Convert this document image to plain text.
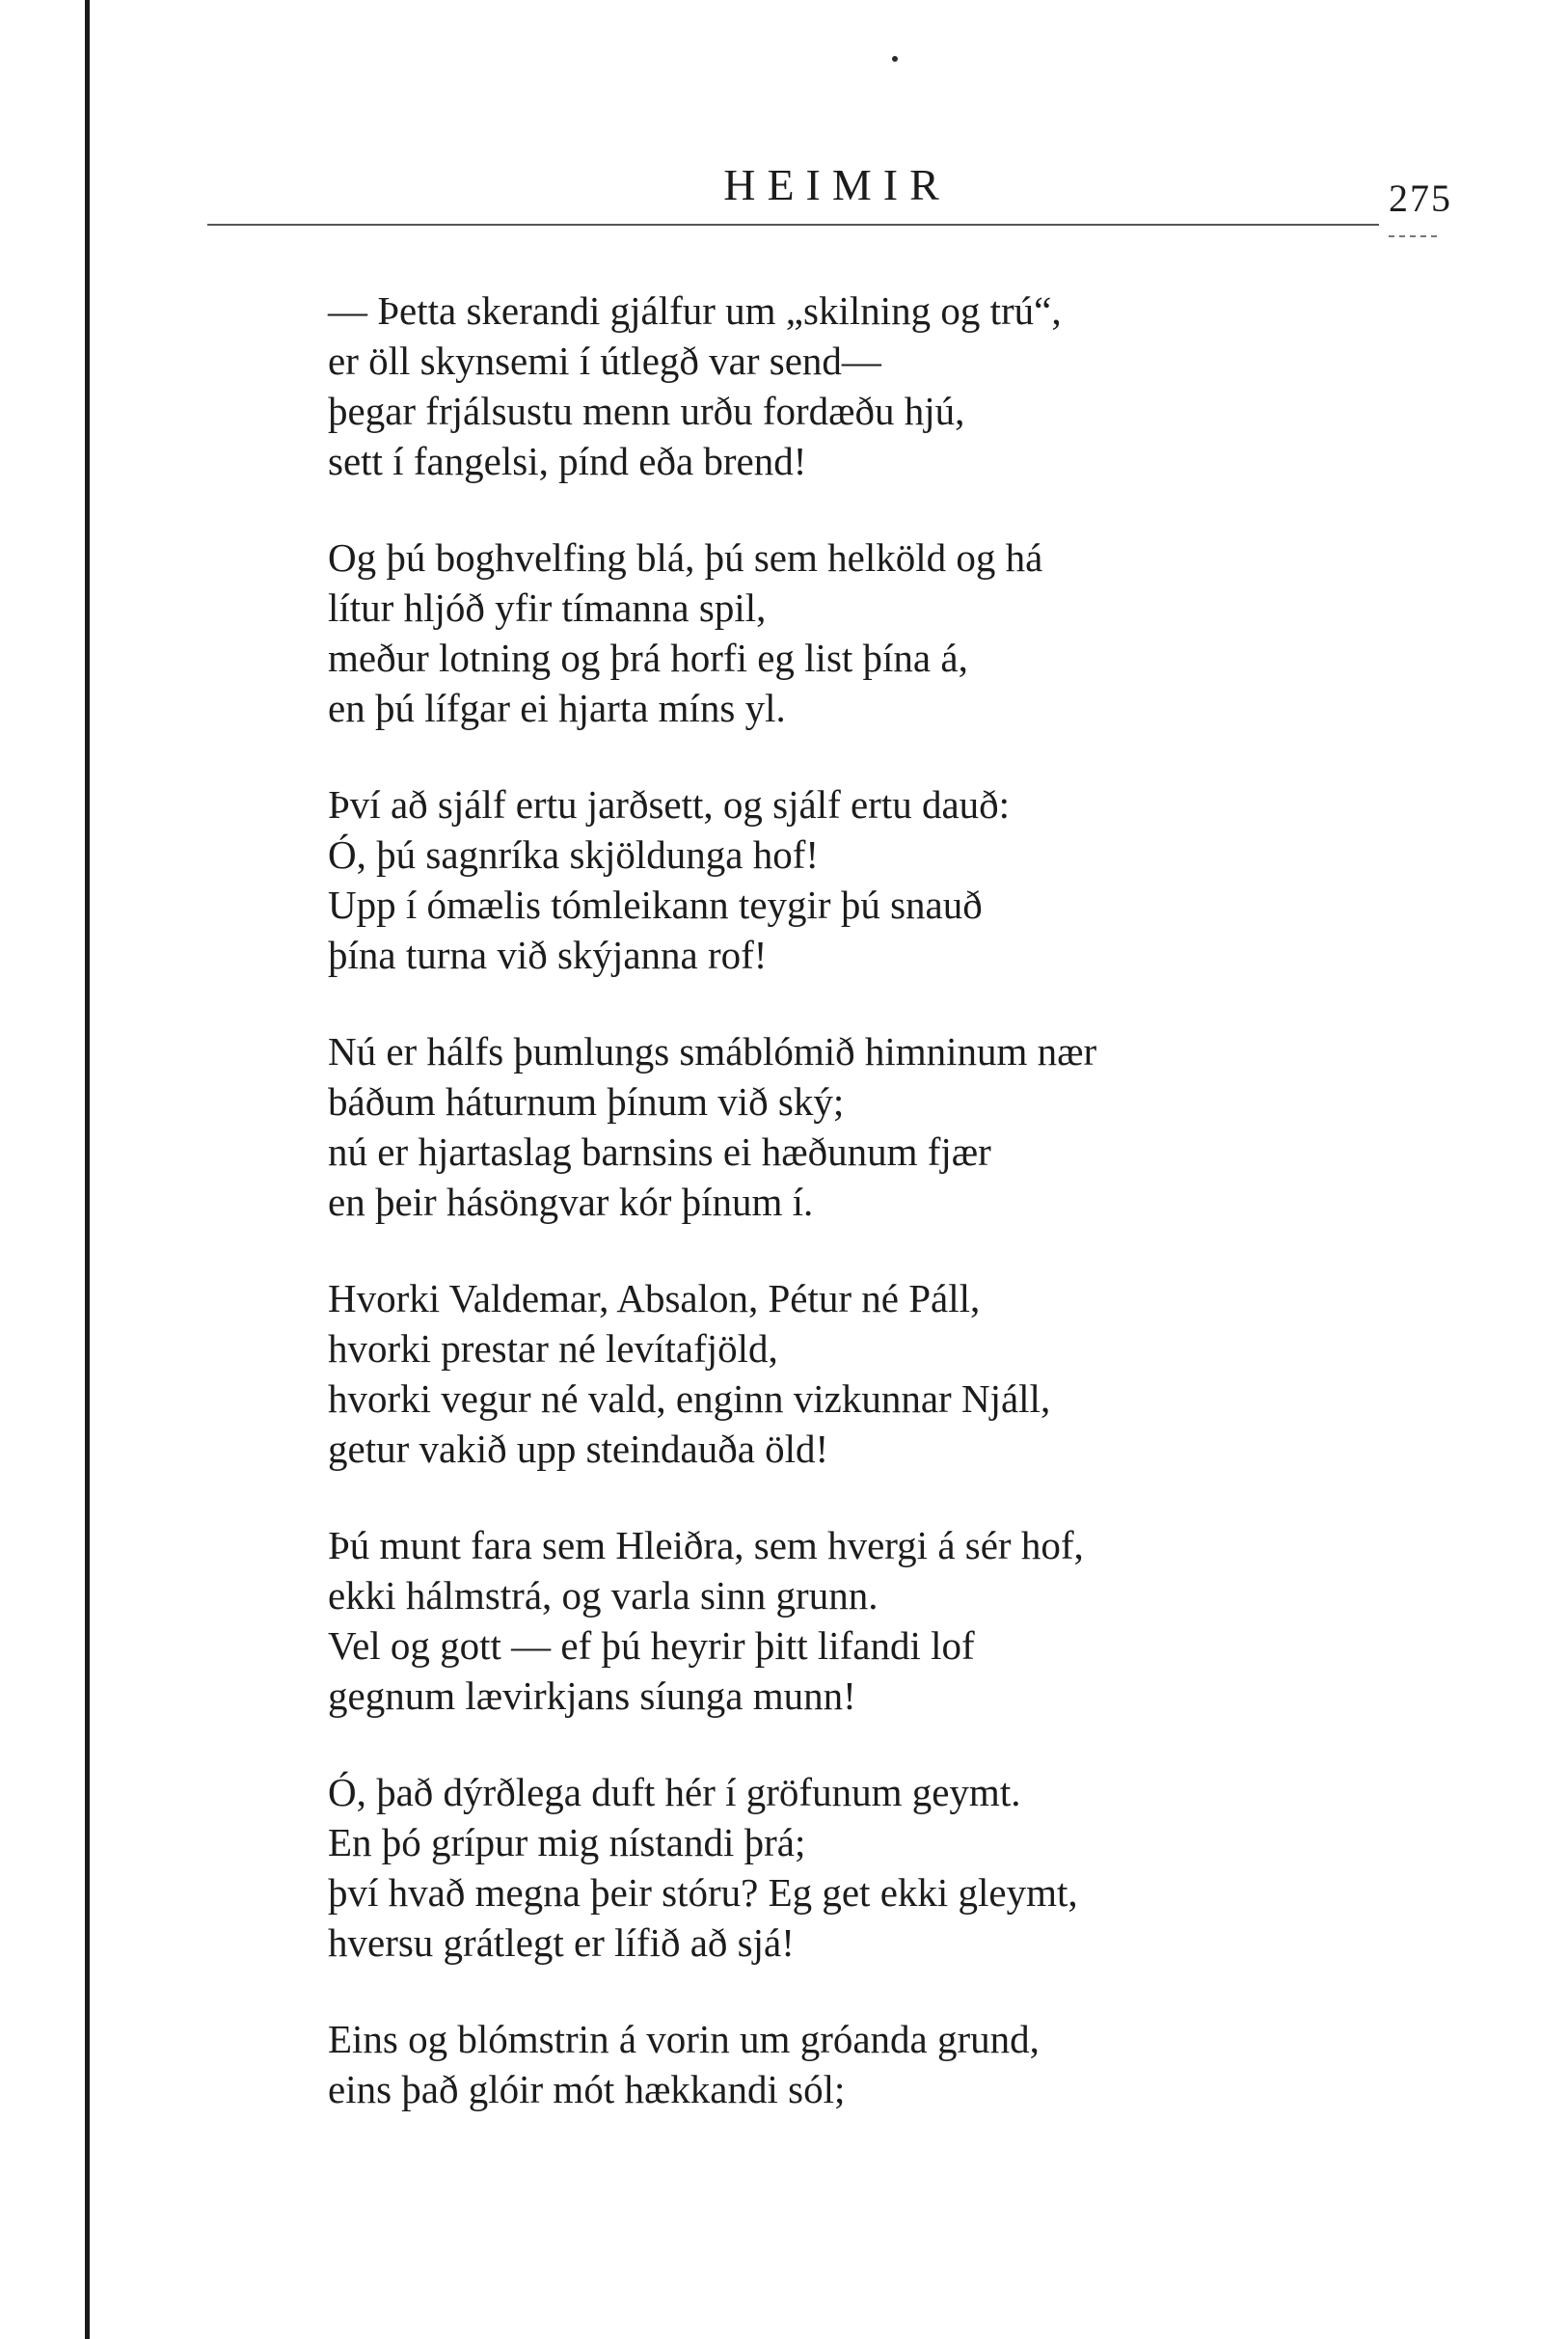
HEIMIR	275
— Þetta skerandi gjálfur um „skilning og trú“,
er öll skynsemi í útlegð var send—
þegar frjálsustu menn urðu fordæðu hjú,
sett í fangelsi, pínd eða brend!
Og þú boghvelfing blá, þú sem helköld og há
lítur hljóð yfir tímanna spil,
meður lotning og þrá horfi eg list þína á,
en þú lífgar ei hjarta míns yl.
Því að sjálf ertu jarðsett, og sjálf ertu dauð:
Ó, þú sagnríka skjöldunga hof!
Upp í ómælis tómleikann teygir þú snauð
þína turna við skýjanna rof!
Nú er hálfs þumlungs smáblómið himninum nær
báðum háturnum þínum við ský;
nú er hjartaslag barnsins ei hæðunum fjær
en þeir hásöngvar kór þínum í.
Hvorki Valdemar, Absalon, Pétur né Páll,
hvorki prestar né levítafjöld,
hvorki vegur né vald, enginn vizkunnar Njáll,
getur vakið upp steindauða öld!
Þú munt fara sem Hleiðra, sem hvergi á sér hof,
ekki hálmstrá, og varla sinn grunn.
Vel og gott — ef þú heyrir þitt lifandi lof
gegnum lævirkjans síunga munn!
Ó, það dýrðlega duft hér í gröfunum geymt.
En þó grípur mig nístandi þrá;
því hvað megna þeir stóru? Eg get ekki gleymt,
hversu grátlegt er lífið að sjá!
Eins og blómstrin á vorin um gróanda grund,
eins það glóir mót hækkandi sól;
